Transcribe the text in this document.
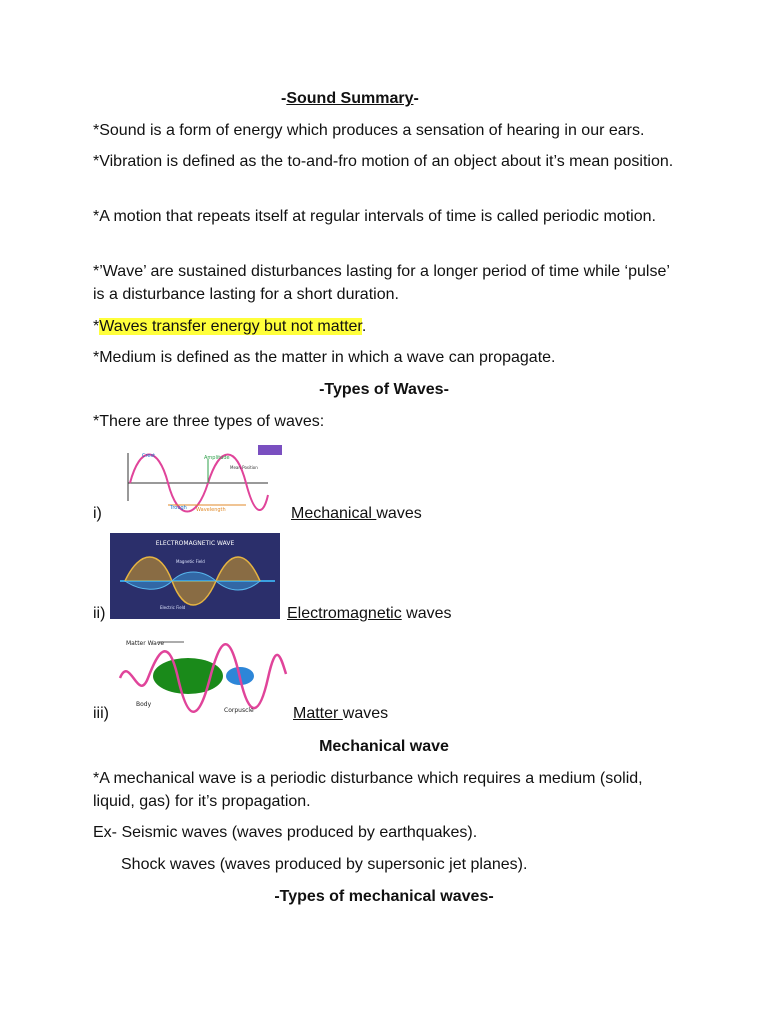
-Sound Summary-
*Sound is a form of energy which produces a sensation of hearing in our ears.
*Vibration is defined as the to-and-fro motion of an object about it’s mean position.
*A motion that repeats itself at regular intervals of time is called periodic motion.
*’Wave’ are sustained disturbances lasting for a longer period of time while ‘pulse’ is a disturbance lasting for a short duration.
*Waves transfer energy but not matter.
*Medium is defined as the matter in which a wave can propagate.
-Types of Waves-
*There are three types of waves:
Crest	Amplitude
Mean Position
Trough Wavelength
i)	Mechanical waves
ELECTROMAGNETIC WAVE
Magnetic Field
Electric Field
ii)	Electromagnetic waves
Matter Wave
Body
Corpuscle
iii)	Matter waves
Mechanical wave
*A mechanical wave is a periodic disturbance which requires a medium (solid, liquid, gas) for it’s propagation.
Ex- Seismic waves (waves produced by earthquakes).
Shock waves (waves produced by supersonic jet planes).
-Types of mechanical waves-
